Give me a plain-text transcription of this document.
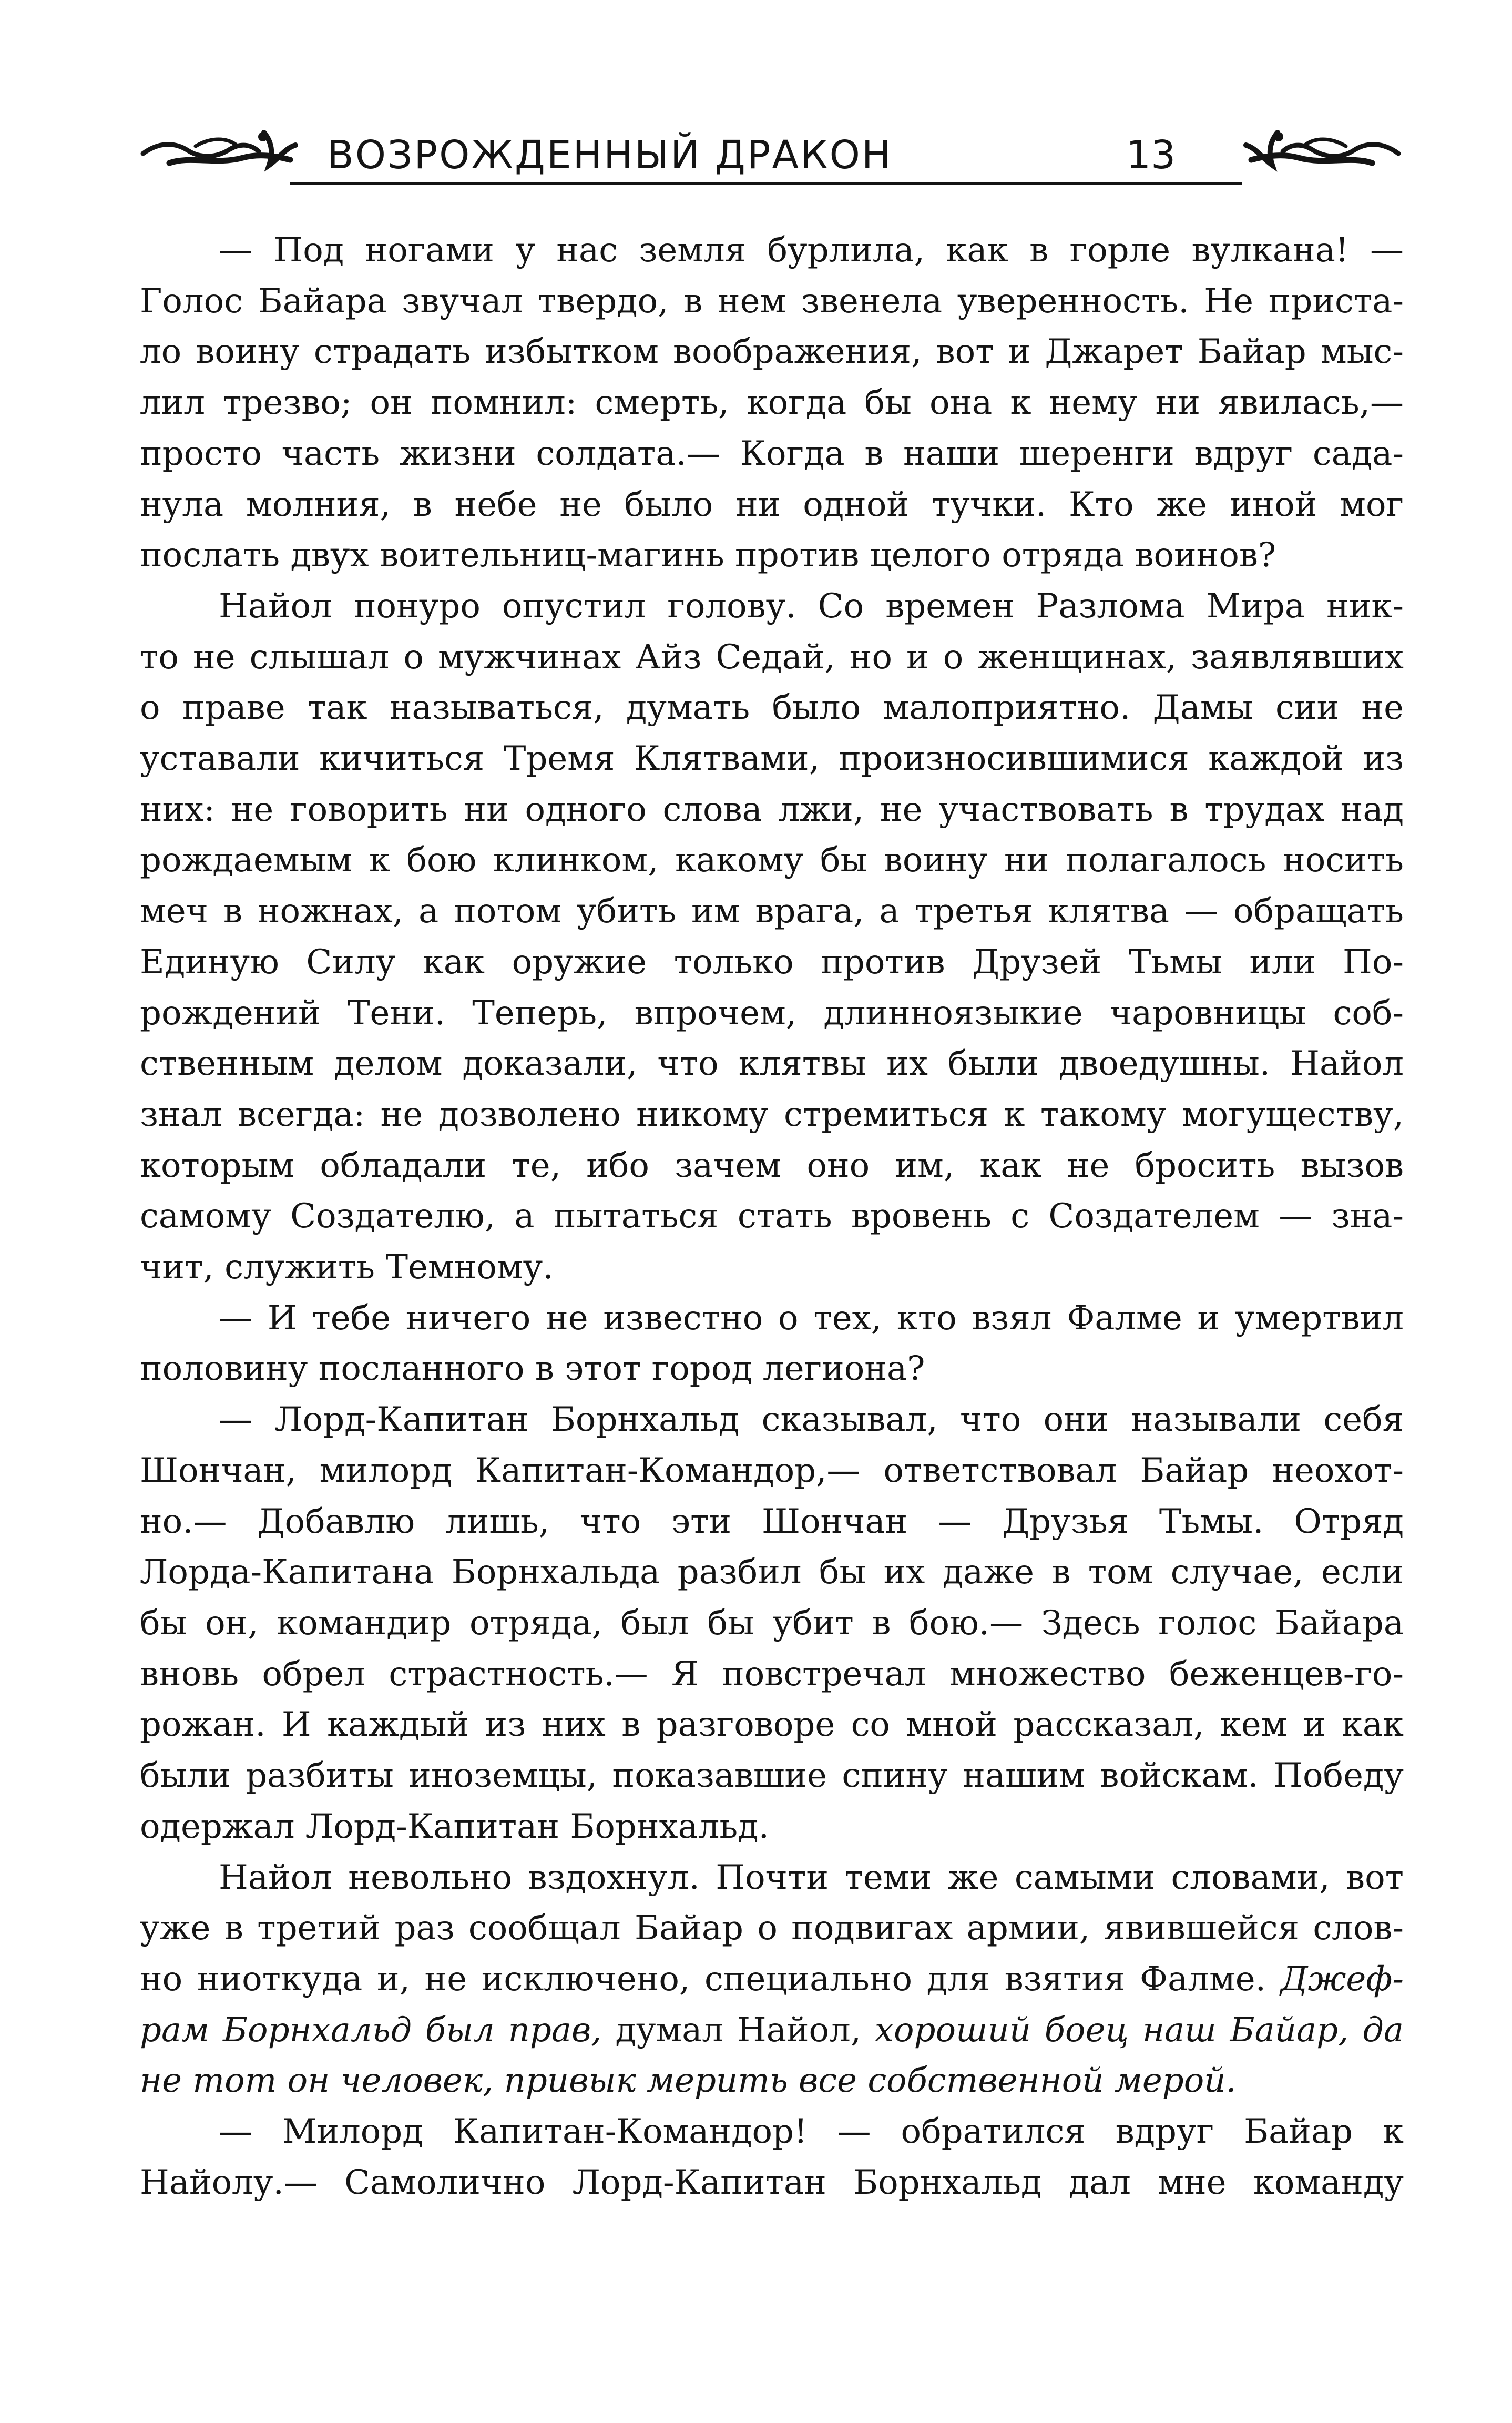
ВОЗРОЖДЕННЫЙ ДРАКОН	13

— Под ногами у нас земля бурлила, как в горле вулкана! —
Голос Байара звучал твердо, в нем звенела уверенность. Не приста-
ло воину страдать избытком воображения, вот и Джарет Байар мыс-
лил трезво; он помнил: смерть, когда бы она к нему ни явилась,—
просто часть жизни солдата.— Когда в наши шеренги вдруг сада-
нула молния, в небе не было ни одной тучки. Кто же иной мог
послать двух воительниц-магинь против целого отряда воинов?

Найол понуро опустил голову. Со времен Разлома Мира ник-
то не слышал о мужчинах Айз Седай, но и о женщинах, заявлявших
о праве так называться, думать было малоприятно. Дамы сии не
уставали кичиться Тремя Клятвами, произносившимися каждой из
них: не говорить ни одного слова лжи, не участвовать в трудах над
рождаемым к бою клинком, какому бы воину ни полагалось носить
меч в ножнах, а потом убить им врага, а третья клятва — обращать
Единую Силу как оружие только против Друзей Тьмы или По-
рождений Тени. Теперь, впрочем, длинноязыкие чаровницы соб-
ственным делом доказали, что клятвы их были двоедушны. Найол
знал всегда: не дозволено никому стремиться к такому могуществу,
которым обладали те, ибо зачем оно им, как не бросить вызов
самому Создателю, а пытаться стать вровень с Создателем — зна-
чит, служить Темному.

— И тебе ничего не известно о тех, кто взял Фалме и умертвил
половину посланного в этот город легиона?

— Лорд-Капитан Борнхальд сказывал, что они называли себя
Шончан, милорд Капитан-Командор,— ответствовал Байар неохот-
но.— Добавлю лишь, что эти Шончан — Друзья Тьмы. Отряд
Лорда-Капитана Борнхальда разбил бы их даже в том случае, если
бы он, командир отряда, был бы убит в бою.— Здесь голос Байара
вновь обрел страстность.— Я повстречал множество беженцев-го-
рожан. И каждый из них в разговоре со мной рассказал, кем и как
были разбиты иноземцы, показавшие спину нашим войскам. Победу
одержал Лорд-Капитан Борнхальд.

Найол невольно вздохнул. Почти теми же самыми словами, вот
уже в третий раз сообщал Байар о подвигах армии, явившейся слов-
но ниоткуда и, не исключено, специально для взятия Фалме. Джеф-
рам Борнхальд был прав, думал Найол, хороший боец наш Байар, да
не тот он человек, привык мерить все собственной мерой.

— Милорд Капитан-Командор! — обратился вдруг Байар к
Найолу.— Самолично Лорд-Капитан Борнхальд дал мне команду
